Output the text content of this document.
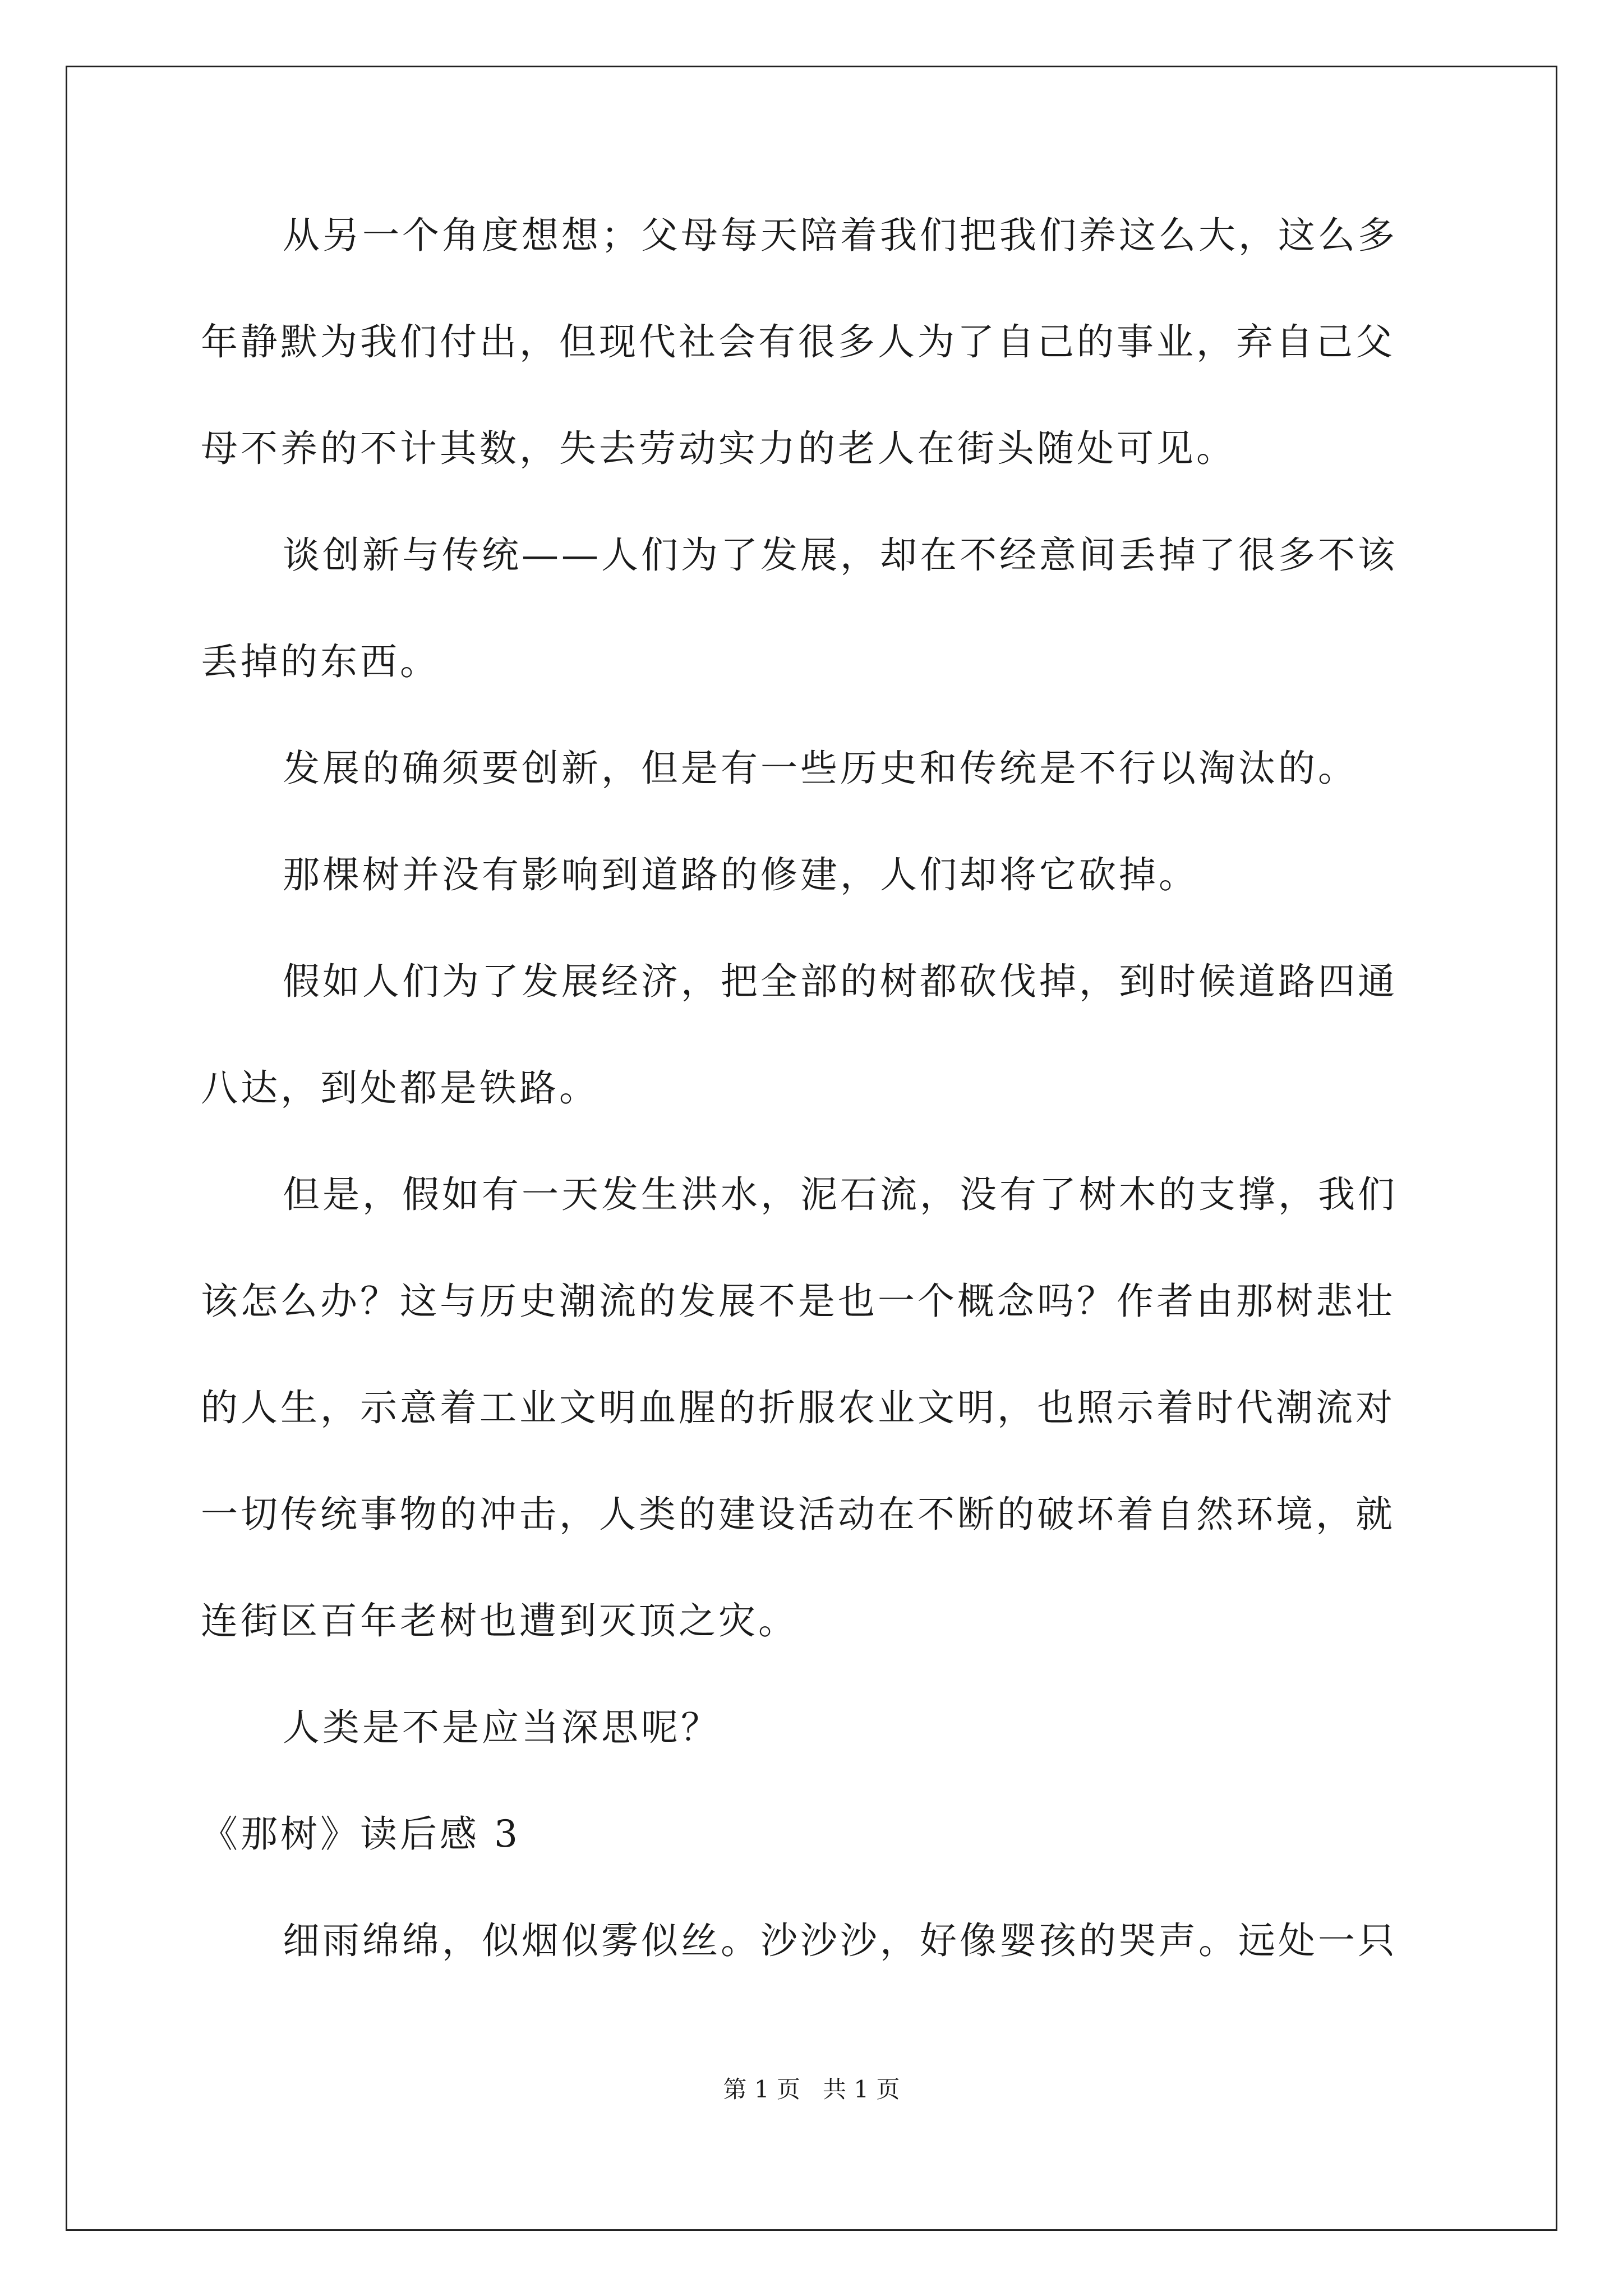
从另一个角度想想；父母每天陪着我们把我们养这么大，这么多
年静默为我们付出，但现代社会有很多人为了自己的事业，弃自己父
母不养的不计其数，失去劳动实力的老人在街头随处可见。
谈创新与传统——人们为了发展，却在不经意间丢掉了很多不该
丢掉的东西。
发展的确须要创新，但是有一些历史和传统是不行以淘汰的。
那棵树并没有影响到道路的修建，人们却将它砍掉。
假如人们为了发展经济，把全部的树都砍伐掉，到时候道路四通
八达，到处都是铁路。
但是，假如有一天发生洪水，泥石流，没有了树木的支撑，我们
该怎么办？这与历史潮流的发展不是也一个概念吗？作者由那树悲壮
的人生，示意着工业文明血腥的折服农业文明，也照示着时代潮流对
一切传统事物的冲击，人类的建设活动在不断的破坏着自然环境，就
连街区百年老树也遭到灭顶之灾。
人类是不是应当深思呢？
《那树》读后感 3
细雨绵绵，似烟似雾似丝。沙沙沙，好像婴孩的哭声。远处一只
第 1 页   共 1 页
